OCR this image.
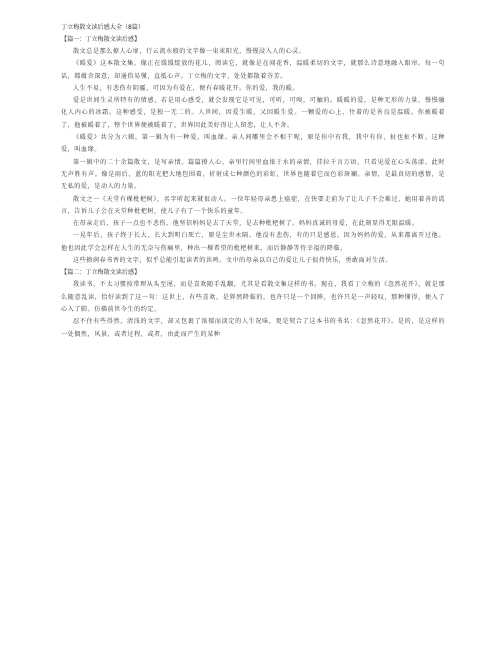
丁立梅散文读后感大全（8篇）

【篇一：丁立梅散文读后感】

散文总是那么撩人心扉，行云流水般的文字像一束束阳光，慢慢浸入人的心灵。

《暖爱》这本散文集，像正在缓缓绽放的花儿，阅读它，就像是在闻花香，温暖柔切的文字，就那么诗意地融入眼帘。每一句话，都蕴含深意，却通俗易懂，直抵心声。丁立梅的文字，处处都散着芬芳。

人生不易，有悲伤有阴霾，可因为有爱在，便有春暖花开。你的爱，我的暖。

爱是世间生灵所特有的情感，若是用心感受，就会发现它是可见，可听，可嗅，可触的。暖暖的爱，是种无形的力量，慢慢融化人内心的冰霜。这种感受，是独一无二的。人世间，因爱生暖，又因暖生爱。一颗爱的心上，往着的是善良是温暖。你被暖着了，他被暖着了，整个世界便被暖着了，世界因此美好得让人留恋，让人不舍。

《暖爱》共分为六辑，第一辑为有一种爱，叫血缘。亲人间哪里会不相干呢，原是你中有我，我中有你，扯也扯不断。这种爱，叫血缘。

第一辑中的二十余篇散文，是写亲情。篇篇撩人心。亲里行间里血浓于水的亲情，挂拉千言万语，只看见爱在心头荡漾。此时无声胜有声。像是雨后，蓝的阳光把大地包围着，折射成七种颜色的彩虹，世界也随着它而色彩斑斓。亲情，是最真切的感情，是无私的爱，是动人的力量。

散文之一《天堂有棵枇杷树》，名字听起来就很动人。一位年轻母亲患上癌症，在快要走前为了让儿子不会难过，她用着善的谎言，告诉儿子会在天堂种枇杷树，使儿子有了一个快乐的童年。

在母亲走后，孩子一点也不悲伤，他坚信妈妈是去了天堂，是去种枇杷树了。妈妈真诚的母爱，在此刻显得无限温暖。

一晃年后，孩子终于长大，长大到明白死亡，原是尘世永隔。他没有悲伤，有的只是感恩，因为妈妈的爱，从来都离开过他。他也因此学会怎样在人生的无奈与伤痛里，种出一棵希望的枇杷树来，而后静静等待幸福的降临。

这些撩润春书香的文字，似乎总能引起读者的共鸣。文中的母亲以自己的爱让儿子很持快乐，勇敢面对生活。

【篇二：丁立梅散文读后感】

我读书，不太习惯按常理从头至尾，而是喜欢随手乱翻，尤其是看散文集这样的书。现在，我看丁立梅的《忽然花开》，就是那么随意乱读，恰好读到了这一句：这世上，有些喜欢，是猝然降临的。也许只是一个回眸，也许只是一声轻叹，那种懂得，便入了心入了肺。仿佛前世今生的约定。

忍不住有些得然，清浅的文字，却又包裹了浓郁而淡定的人生况味，更是契合了这本书的书名：《忽然花开》。是的，是这样的一处偶然，风景，或者过程，或者，由此而产生的某种
